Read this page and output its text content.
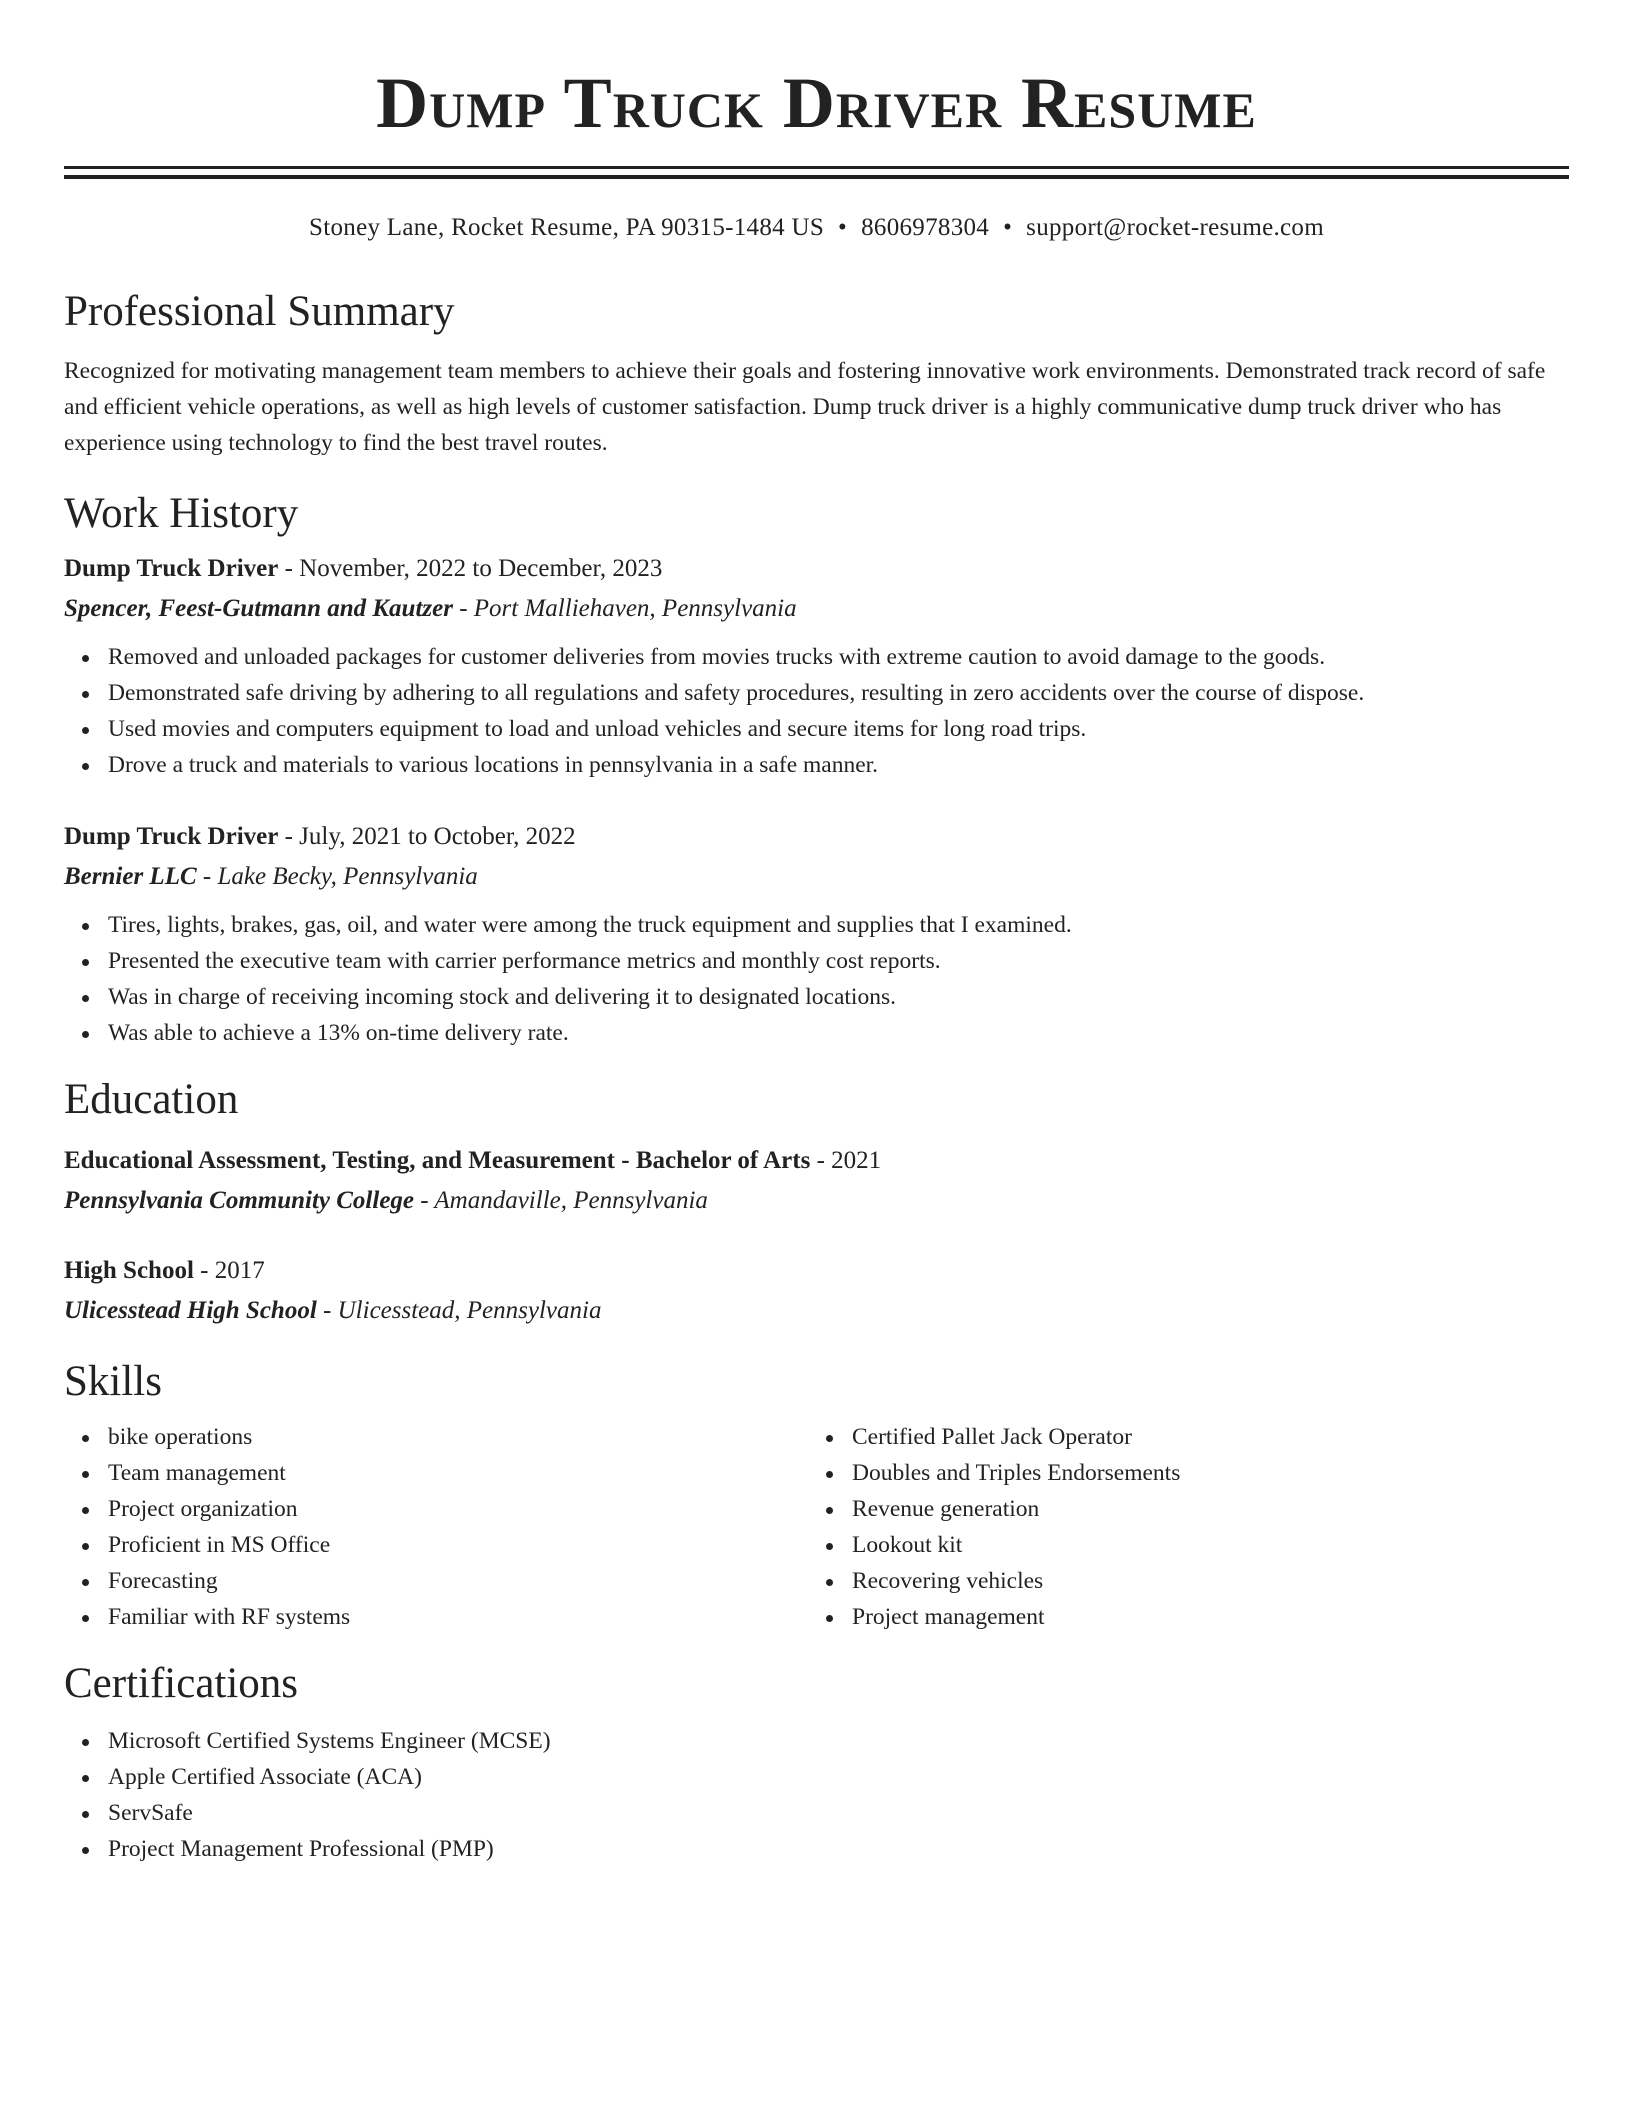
Dump Truck Driver Resume
Stoney Lane, Rocket Resume, PA 90315-1484 US • 8606978304 • support@rocket-resume.com
Professional Summary
Recognized for motivating management team members to achieve their goals and fostering innovative work environments. Demonstrated track record of safe and efficient vehicle operations, as well as high levels of customer satisfaction. Dump truck driver is a highly communicative dump truck driver who has experience using technology to find the best travel routes.
Work History
Dump Truck Driver - November, 2022 to December, 2023
Spencer, Feest-Gutmann and Kautzer - Port Malliehaven, Pennsylvania
Removed and unloaded packages for customer deliveries from movies trucks with extreme caution to avoid damage to the goods.
Demonstrated safe driving by adhering to all regulations and safety procedures, resulting in zero accidents over the course of dispose.
Used movies and computers equipment to load and unload vehicles and secure items for long road trips.
Drove a truck and materials to various locations in pennsylvania in a safe manner.
Dump Truck Driver - July, 2021 to October, 2022
Bernier LLC - Lake Becky, Pennsylvania
Tires, lights, brakes, gas, oil, and water were among the truck equipment and supplies that I examined.
Presented the executive team with carrier performance metrics and monthly cost reports.
Was in charge of receiving incoming stock and delivering it to designated locations.
Was able to achieve a 13% on-time delivery rate.
Education
Educational Assessment, Testing, and Measurement - Bachelor of Arts - 2021
Pennsylvania Community College - Amandaville, Pennsylvania
High School - 2017
Ulicesstead High School - Ulicesstead, Pennsylvania
Skills
bike operations
Team management
Project organization
Proficient in MS Office
Forecasting
Familiar with RF systems
Certified Pallet Jack Operator
Doubles and Triples Endorsements
Revenue generation
Lookout kit
Recovering vehicles
Project management
Certifications
Microsoft Certified Systems Engineer (MCSE)
Apple Certified Associate (ACA)
ServSafe
Project Management Professional (PMP)
